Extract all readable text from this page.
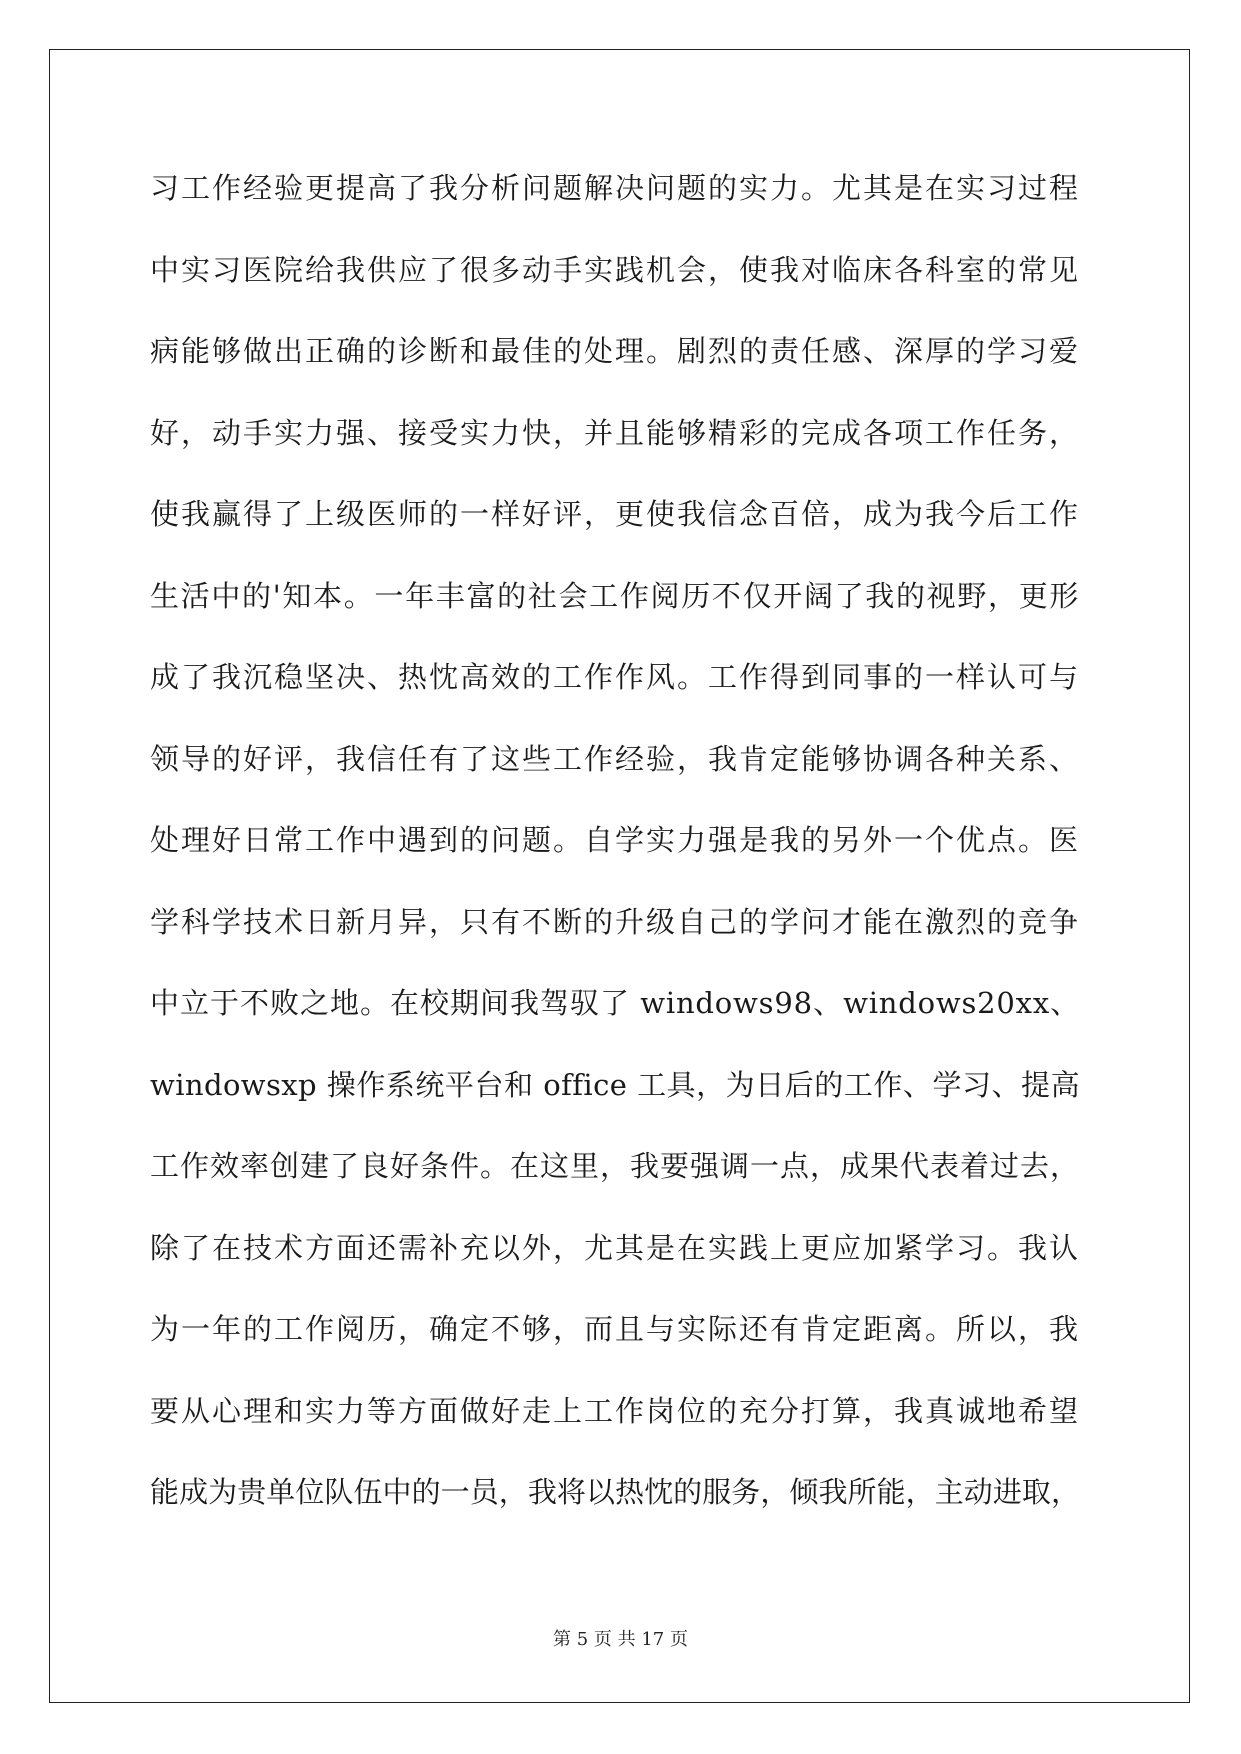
习工作经验更提高了我分析问题解决问题的实力。尤其是在实习过程
中实习医院给我供应了很多动手实践机会，使我对临床各科室的常见
病能够做出正确的诊断和最佳的处理。剧烈的责任感、深厚的学习爱
好，动手实力强、接受实力快，并且能够精彩的完成各项工作任务，
使我赢得了上级医师的一样好评，更使我信念百倍，成为我今后工作
生活中的'知本。一年丰富的社会工作阅历不仅开阔了我的视野，更形
成了我沉稳坚决、热忱高效的工作作风。工作得到同事的一样认可与
领导的好评，我信任有了这些工作经验，我肯定能够协调各种关系、
处理好日常工作中遇到的问题。自学实力强是我的另外一个优点。医
学科学技术日新月异，只有不断的升级自己的学问才能在激烈的竞争
中立于不败之地。在校期间我驾驭了 windows98、windows20xx、
windowsxp 操作系统平台和 office 工具，为日后的工作、学习、提高
工作效率创建了良好条件。在这里，我要强调一点，成果代表着过去，
除了在技术方面还需补充以外，尤其是在实践上更应加紧学习。我认
为一年的工作阅历，确定不够，而且与实际还有肯定距离。所以，我
要从心理和实力等方面做好走上工作岗位的充分打算，我真诚地希望
能成为贵单位队伍中的一员，我将以热忱的服务，倾我所能，主动进取，
第 5 页 共 17 页
